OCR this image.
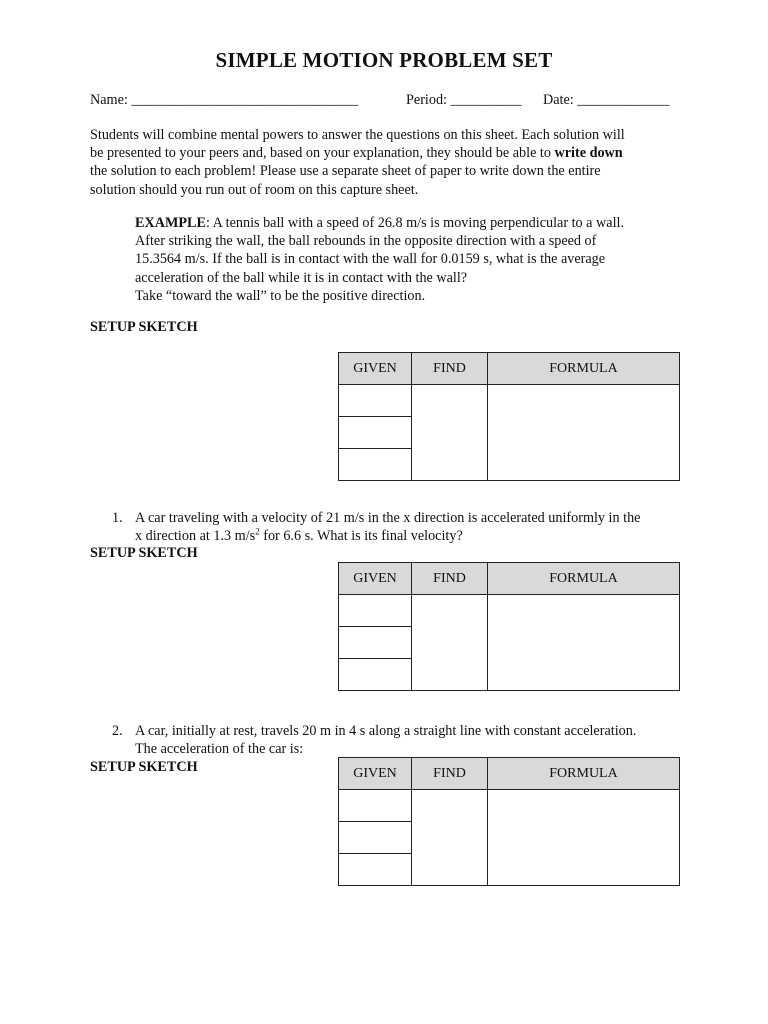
SIMPLE MOTION PROBLEM SET
Name: ________________________________	Period: __________ Date: _____________

Students will combine mental powers to answer the questions on this sheet. Each solution will

be presented to your peers and, based on your explanation, they should be able to write down

the solution to each problem! Please use a separate sheet of paper to write down the entire

solution should you run out of room on this capture sheet.

EXAMPLE: A tennis ball with a speed of 26.8 m/s is moving perpendicular to a wall.

After striking the wall, the ball rebounds in the opposite direction with a speed of

15.3564 m/s. If the ball is in contact with the wall for 0.0159 s, what is the average

acceleration of the ball while it is in contact with the wall?

Take “toward the wall” to be the positive direction.

SETUP SKETCH
GIVEN	FIND	FORMULA

1. A car traveling with a velocity of 21 m/s in the x direction is accelerated uniformly in the
x direction at 1.3 $m/s^2$ for 6.6 s. What is its final velocity?
SETUP SKETCH
GIVEN	FIND	FORMULA

2. A car, initially at rest, travels 20 m in 4 s along a straight line with constant acceleration.
The acceleration of the car is:
SETUP SKETCH	GIVEN	FIND	FORMULA
